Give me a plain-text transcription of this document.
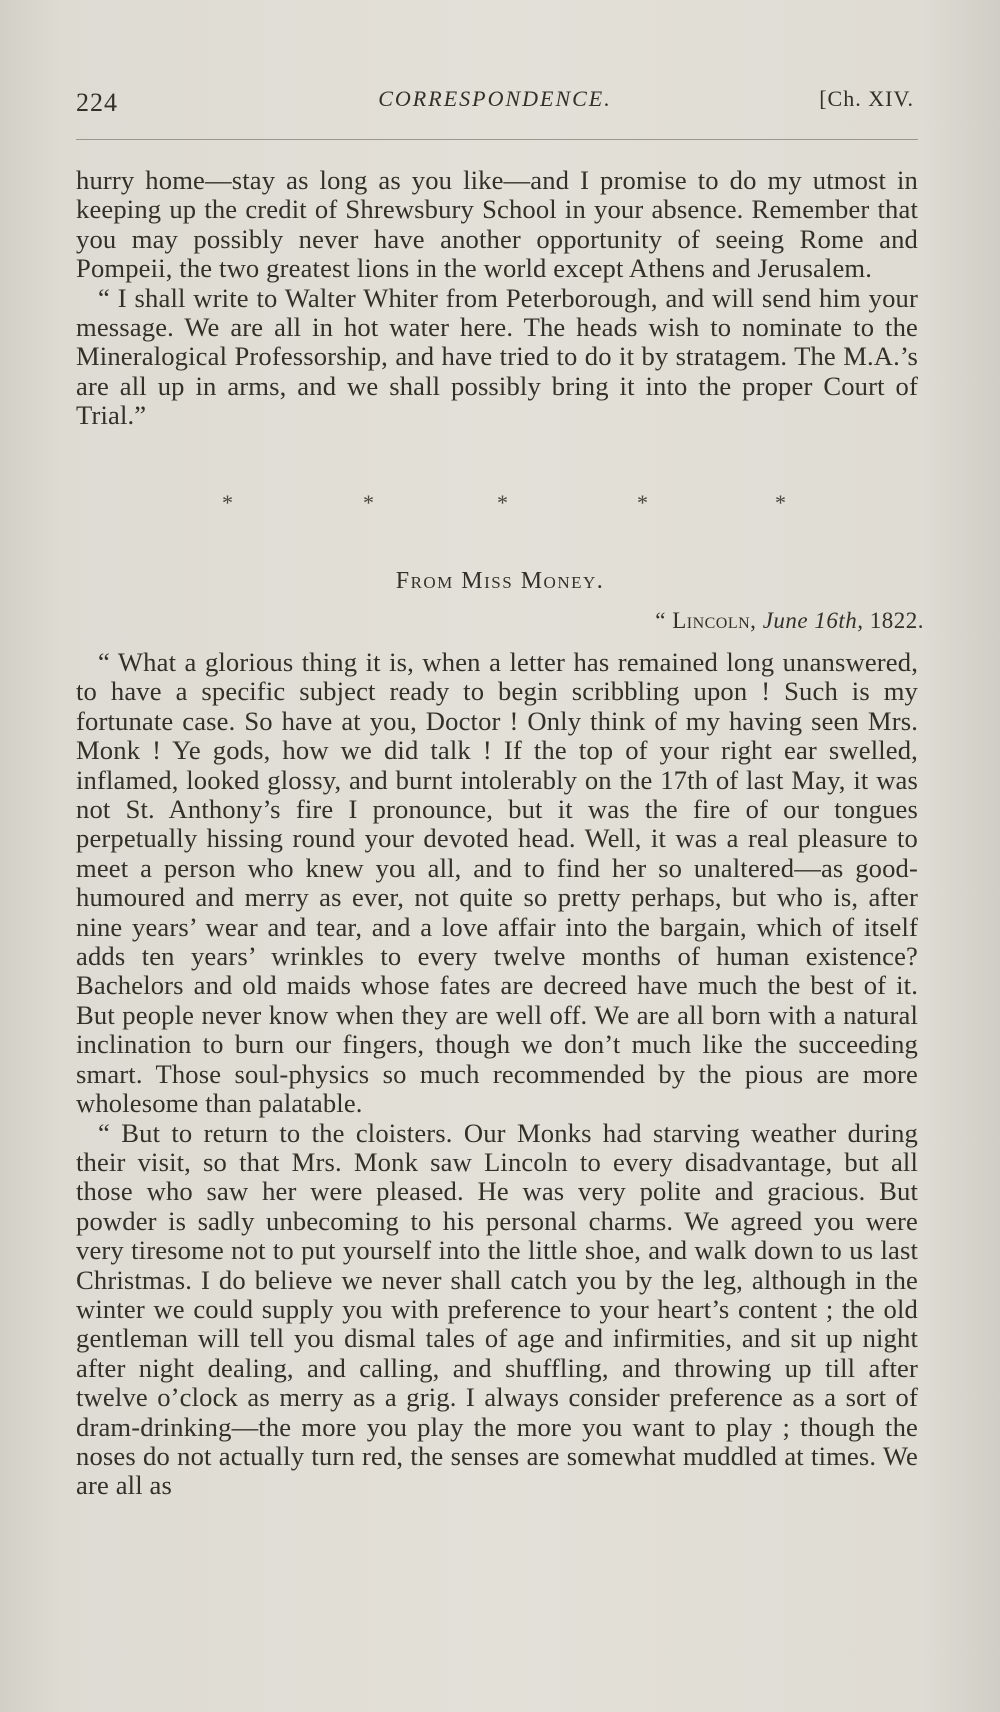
224	CORRESPONDENCE.	[Ch. XIV.

hurry home—stay as long as you like—and I promise to do my utmost in keeping up the credit of Shrewsbury School in your absence. Remember that you may possibly never have another opportunity of seeing Rome and Pompeii, the two greatest lions in the world except Athens and Jerusalem.

“ I shall write to Walter Whiter from Peterborough, and will send him your message. We are all in hot water here. The heads wish to nominate to the Mineralogical Professorship, and have tried to do it by stratagem. The M.A.’s are all up in arms, and we shall possibly bring it into the proper Court of Trial.”

*	*	*	*	*
From Miss Money.
“ Lincoln, June 16th, 1822.

“ What a glorious thing it is, when a letter has remained long unanswered, to have a specific subject ready to begin scribbling upon ! Such is my fortunate case. So have at you, Doctor ! Only think of my having seen Mrs. Monk ! Ye gods, how we did talk ! If the top of your right ear swelled, inflamed, looked glossy, and burnt intolerably on the 17th of last May, it was not St. Anthony’s fire I pronounce, but it was the fire of our tongues perpetually hissing round your devoted head. Well, it was a real pleasure to meet a person who knew you all, and to find her so unaltered—as good-humoured and merry as ever, not quite so pretty perhaps, but who is, after nine years’ wear and tear, and a love affair into the bargain, which of itself adds ten years’ wrinkles to every twelve months of human existence? Bachelors and old maids whose fates are decreed have much the best of it. But people never know when they are well off. We are all born with a natural inclination to burn our fingers, though we don’t much like the succeeding smart. Those soul-physics so much recommended by the pious are more wholesome than palatable.

“ But to return to the cloisters. Our Monks had starving weather during their visit, so that Mrs. Monk saw Lincoln to every disadvantage, but all those who saw her were pleased. He was very polite and gracious. But powder is sadly unbecoming to his personal charms. We agreed you were very tiresome not to put yourself into the little shoe, and walk down to us last Christmas. I do believe we never shall catch you by the leg, although in the winter we could supply you with preference to your heart’s content ; the old gentleman will tell you dismal tales of age and infirmities, and sit up night after night dealing, and calling, and shuffling, and throwing up till after twelve o’clock as merry as a grig. I always consider preference as a sort of dram-drinking—the more you play the more you want to play ; though the noses do not actually turn red, the senses are somewhat muddled at times. We are all as
